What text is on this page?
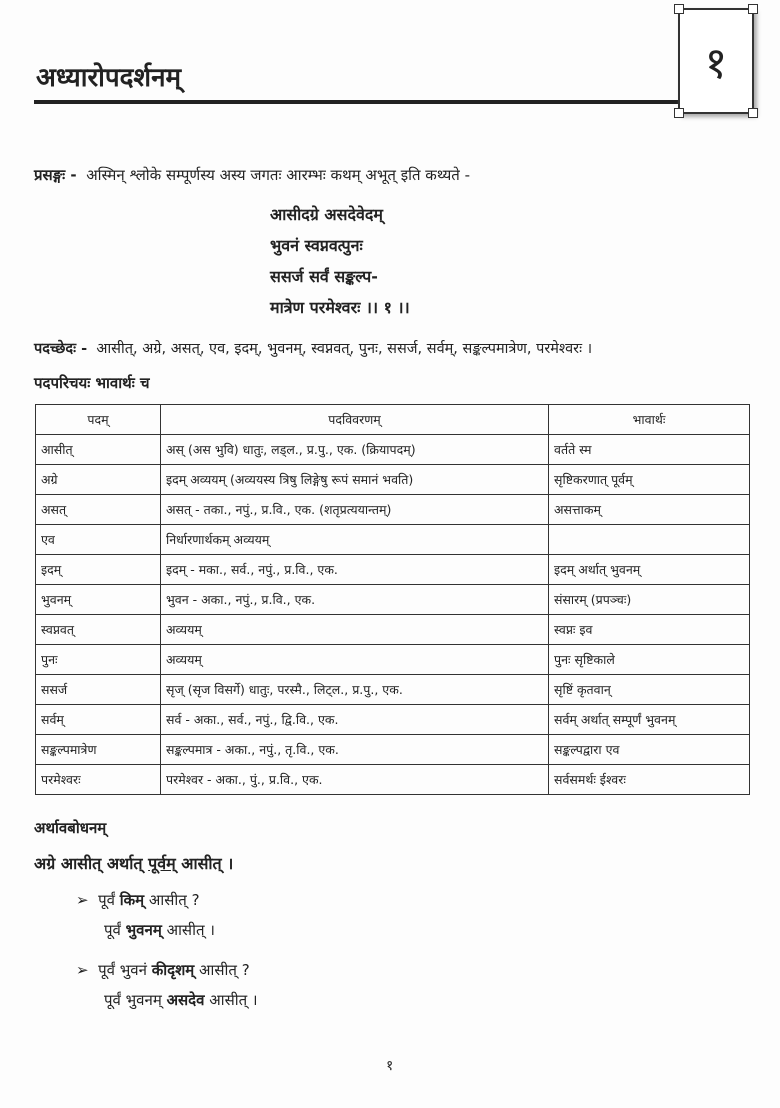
अध्यारोपदर्शनम्	१
प्रसङ्गः - अस्मिन् श्लोके सम्पूर्णस्य अस्य जगतः आरम्भः कथम् अभूत् इति कथ्यते -
आसीदग्रे असदेवेदम्
भुवनं स्वप्नवत्पुनः
ससर्ज सर्वं सङ्कल्प-
मात्रेण परमेश्वरः ।। १ ।।
पदच्छेदः - आसीत्, अग्रे, असत्, एव, इदम्, भुवनम्, स्वप्नवत्, पुनः, ससर्ज, सर्वम्, सङ्कल्पमात्रेण, परमेश्वरः ।
पदपरिचयः भावार्थः च
पदम्	पदविवरणम्	भावार्थः
आसीत्	अस् (अस भुवि) धातुः, लड्ल., प्र.पु., एक. (क्रियापदम्)	वर्तते स्म
अग्रे	इदम् अव्ययम् (अव्ययस्य त्रिषु लिङ्गेषु रूपं समानं भवति)	सृष्टिकरणात् पूर्वम्
असत्	असत् - तका., नपुं., प्र.वि., एक. (शतृप्रत्ययान्तम्)	असत्ताकम्
एव	निर्धारणार्थकम् अव्ययम्	
इदम्	इदम् - मका., सर्व., नपुं., प्र.वि., एक.	इदम् अर्थात् भुवनम्
भुवनम्	भुवन - अका., नपुं., प्र.वि., एक.	संसारम् (प्रपञ्चः)
स्वप्नवत्	अव्ययम्	स्वप्नः इव
पुनः	अव्ययम्	पुनः सृष्टिकाले
ससर्ज	सृज् (सृज विसर्गे) धातुः, परस्मै., लिट्ल., प्र.पु., एक.	सृष्टिं कृतवान्
सर्वम्	सर्व - अका., सर्व., नपुं., द्वि.वि., एक.	सर्वम् अर्थात् सम्पूर्णं भुवनम्
सङ्कल्पमात्रेण	सङ्कल्पमात्र - अका., नपुं., तृ.वि., एक.	सङ्कल्पद्वारा एव
परमेश्वरः	परमेश्वर - अका., पुं., प्र.वि., एक.	सर्वसमर्थः ईश्वरः
अर्थावबोधनम्
अग्रे आसीत् अर्थात् पूर्वम् आसीत् ।
➢ पूर्वं किम् आसीत् ?
पूर्वं भुवनम् आसीत् ।
➢ पूर्वं भुवनं कीदृशम् आसीत् ?
पूर्वं भुवनम् असदेव आसीत् ।
१
